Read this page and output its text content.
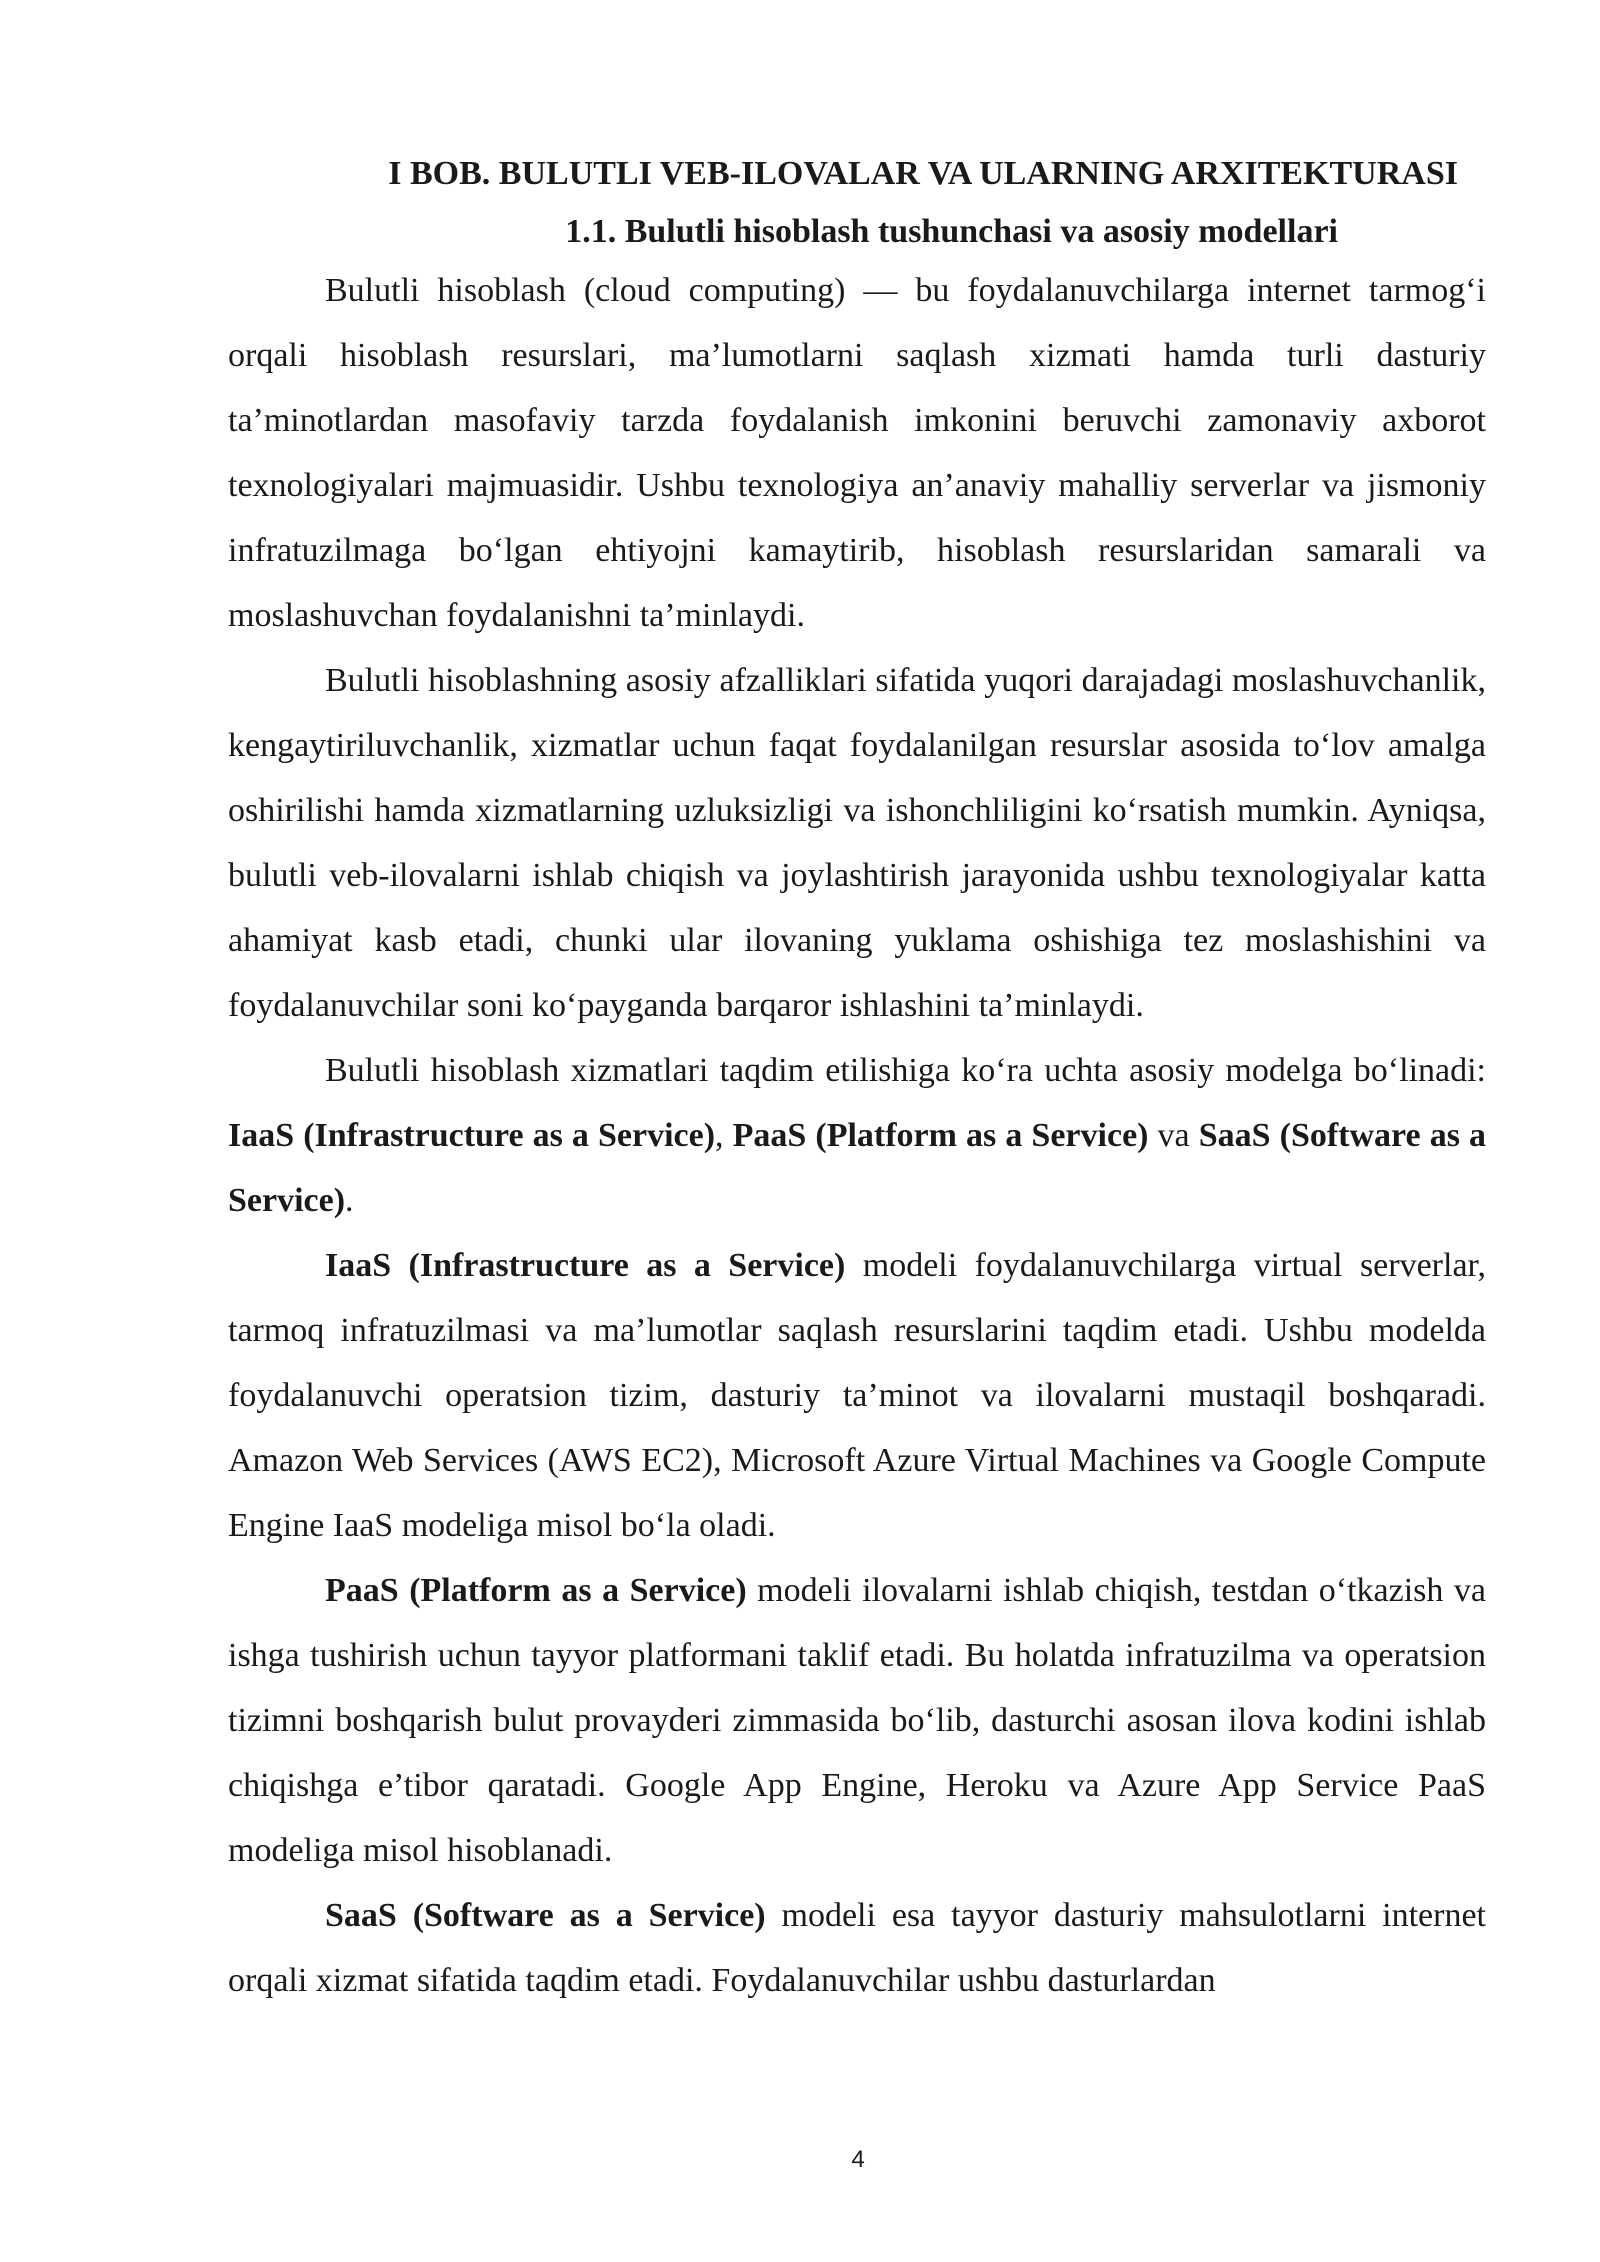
I BOB. BULUTLI VEB-ILOVALAR VA ULARNING ARXITEKTURASI

1.1. Bulutli hisoblash tushunchasi va asosiy modellari

Bulutli hisoblash (cloud computing) — bu foydalanuvchilarga internet tarmog‘i orqali hisoblash resurslari, ma’lumotlarni saqlash xizmati hamda turli dasturiy ta’minotlardan masofaviy tarzda foydalanish imkonini beruvchi zamonaviy axborot texnologiyalari majmuasidir. Ushbu texnologiya an’anaviy mahalliy serverlar va jismoniy infratuzilmaga bo‘lgan ehtiyojni kamaytirib, hisoblash resurslaridan samarali va moslashuvchan foydalanishni ta’minlaydi.

Bulutli hisoblashning asosiy afzalliklari sifatida yuqori darajadagi moslashuvchanlik, kengaytiriluvchanlik, xizmatlar uchun faqat foydalanilgan resurslar asosida to‘lov amalga oshirilishi hamda xizmatlarning uzluksizligi va ishonchliligini ko‘rsatish mumkin. Ayniqsa, bulutli veb-ilovalarni ishlab chiqish va joylashtirish jarayonida ushbu texnologiyalar katta ahamiyat kasb etadi, chunki ular ilovaning yuklama oshishiga tez moslashishini va foydalanuvchilar soni ko‘payganda barqaror ishlashini ta’minlaydi.

Bulutli hisoblash xizmatlari taqdim etilishiga ko‘ra uchta asosiy modelga bo‘linadi: IaaS (Infrastructure as a Service), PaaS (Platform as a Service) va SaaS (Software as a Service).

IaaS (Infrastructure as a Service) modeli foydalanuvchilarga virtual serverlar, tarmoq infratuzilmasi va ma’lumotlar saqlash resurslarini taqdim etadi. Ushbu modelda foydalanuvchi operatsion tizim, dasturiy ta’minot va ilovalarni mustaqil boshqaradi. Amazon Web Services (AWS EC2), Microsoft Azure Virtual Machines va Google Compute Engine IaaS modeliga misol bo‘la oladi.

PaaS (Platform as a Service) modeli ilovalarni ishlab chiqish, testdan o‘tkazish va ishga tushirish uchun tayyor platformani taklif etadi. Bu holatda infratuzilma va operatsion tizimni boshqarish bulut provayderi zimmasida bo‘lib, dasturchi asosan ilova kodini ishlab chiqishga e’tibor qaratadi. Google App Engine, Heroku va Azure App Service PaaS modeliga misol hisoblanadi.

SaaS (Software as a Service) modeli esa tayyor dasturiy mahsulotlarni internet orqali xizmat sifatida taqdim etadi. Foydalanuvchilar ushbu dasturlardan

4
